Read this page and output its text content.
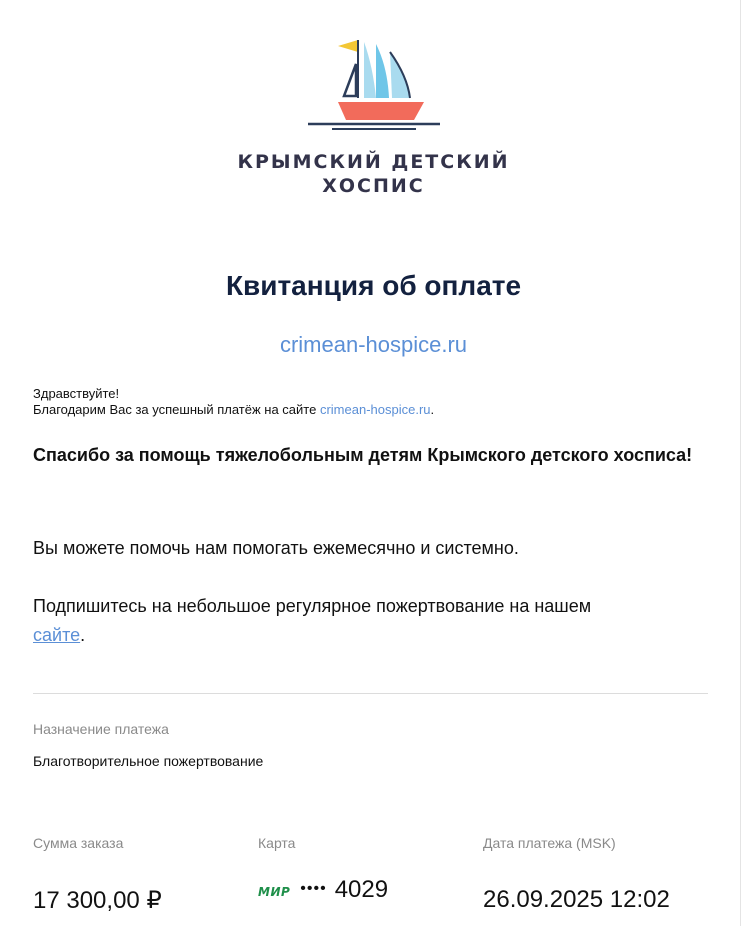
КРЫМСКИЙ ДЕТСКИЙ
ХОСПИС
Квитанция об оплате
crimean-hospice.ru
Здравствуйте!
Благодарим Вас за успешный платёж на сайте crimean-hospice.ru.
Спасибо за помощь тяжелобольным детям Крымского детского хосписа!
Вы можете помочь нам помогать ежемесячно и системно.
Подпишитесь на небольшое регулярное пожертвование на нашем сайте.
Назначение платежа
Благотворительное пожертвование
Сумма заказа	Карта	Дата платежа (MSK)
17 300,00 ₽	МИР •••• 4029	26.09.2025 12:02
